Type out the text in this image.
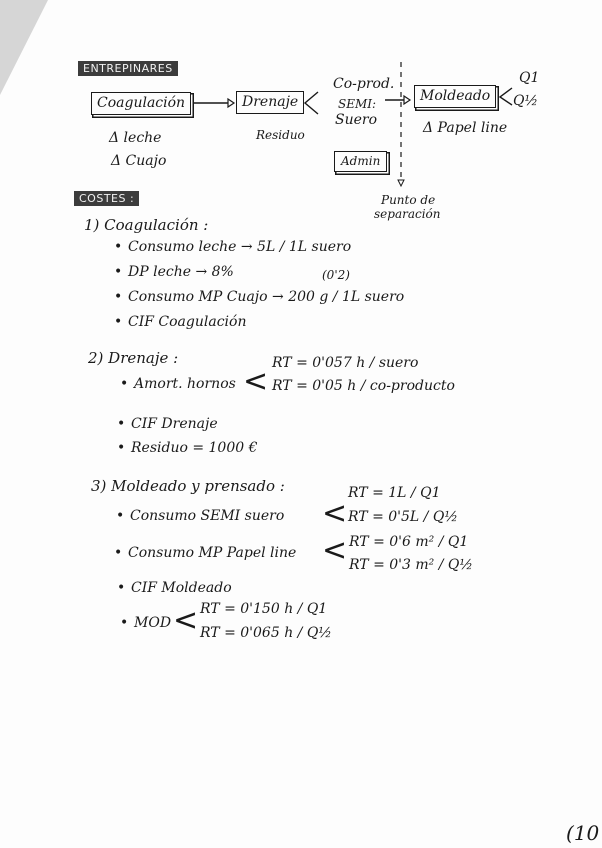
ENTREPINARES
Coagulación	Drenaje
Co-prod.
SEMI:
Suero
Moldeado
Q1
Q½
Δ leche
Δ Cuajo
Residuo
Admin
Δ Papel line
Punto de
separación
COSTES :
1) Coagulación :
• Consumo leche → 5L / 1L suero
• DP leche → 8%	(0'2)
• Consumo MP Cuajo → 200 g / 1L suero
• CIF Coagulación
2) Drenaje :
• Amort. hornos <
RT = 0'057 h / suero
RT = 0'05 h / co-producto
• CIF Drenaje
• Residuo = 1000 €
3) Moldeado y prensado :
• Consumo SEMI suero <
RT = 1L / Q1
RT = 0'5L / Q½
• Consumo MP Papel line < RT = 0'6 m² / Q1
RT = 0'3 m² / Q½
• CIF Moldeado
• MOD < RT = 0'150 h / Q1
RT = 0'065 h / Q½
(10
